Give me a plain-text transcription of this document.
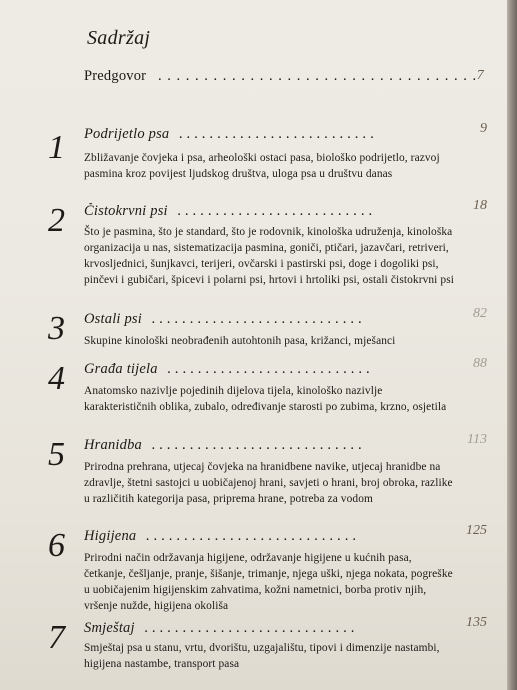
Sadržaj
Predgovor . . . . . . . . . . . . . . . . . . . . . . . . . . . . . . . . . . . 7
1 Podrijetlo psa . . . . . . . . . . . . . . . . . . . . . . . . . .	9
Zbližavanje čovjeka i psa, arheološki ostaci pasa, biološko podrijetlo, razvoj pasmina kroz povijest ljudskog društva, uloga psa u društvu danas
2 Čistokrvni psi . . . . . . . . . . . . . . . . . . . . . . . . . .	18
Što je pasmina, što je standard, što je rodovnik, kinološka udruženja, kinološka organizacija u nas, sistematizacija pasmina, goniči, ptičari, jazavčari, retriveri, krvosljednici, šunjkavci, terijeri, ovčarski i pastirski psi, doge i dogoliki psi, pinčevi i gubičari, špicevi i polarni psi, hrtovi i hrtoliki psi, ostali čistokrvni psi
3 Ostali psi . . . . . . . . . . . . . . . . . . . . . . . . . . . .	82
Skupine kinološki neobrađenih autohtonih pasa, križanci, mješanci
4 Građa tijela . . . . . . . . . . . . . . . . . . . . . . . . . . .	88
Anatomsko nazivlje pojedinih dijelova tijela, kinološko nazivlje karakterističnih oblika, zubalo, određivanje starosti po zubima, krzno, osjetila
5 Hranidba . . . . . . . . . . . . . . . . . . . . . . . . . . . .	113
Prirodna prehrana, utjecaj čovjeka na hranidbene navike, utjecaj hranidbe na zdravlje, štetni sastojci u uobičajenoj hrani, savjeti o hrani, broj obroka, razlike u različitih kategorija pasa, priprema hrane, potreba za vodom
6 Higijena . . . . . . . . . . . . . . . . . . . . . . . . . . . .	125
Prirodni način održavanja higijene, održavanje higijene u kućnih pasa, četkanje, češljanje, pranje, šišanje, trimanje, njega uški, njega nokata, pogreške u uobičajenim higijenskim zahvatima, kožni nametnici, borba protiv njih, vršenje nužde, higijena okoliša
7 Smještaj . . . . . . . . . . . . . . . . . . . . . . . . . . . .	135
Smještaj psa u stanu, vrtu, dvorištu, uzgajalištu, tipovi i dimenzije nastambi, higijena nastambe, transport pasa
